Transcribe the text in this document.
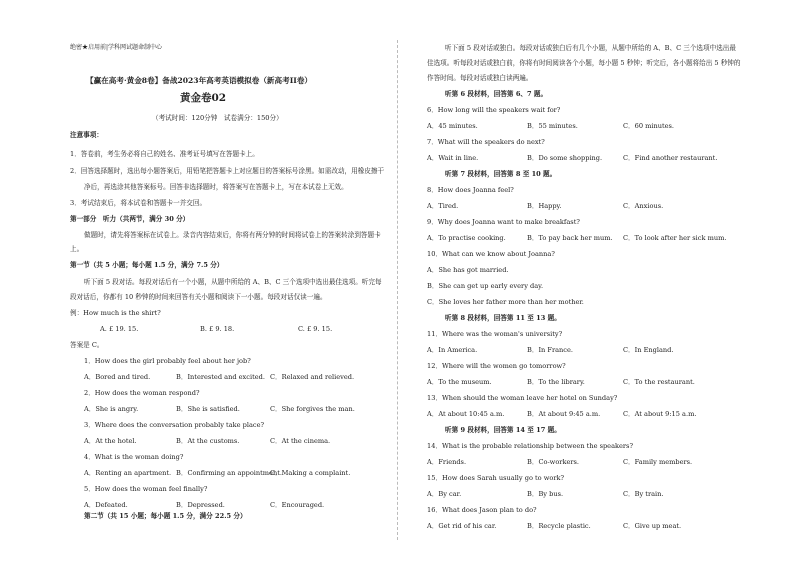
绝密★启用前|学科网试题命制中心
【赢在高考·黄金8卷】备战2023年高考英语模拟卷（新高考II卷）
黄金卷02
（考试时间：120分钟　试卷满分：150分）
注意事项：
1．答卷前，考生务必将自己的姓名、准考证号填写在答题卡上。
2．回答选择题时，选出每小题答案后，用铅笔把答题卡上对应题目的答案标号涂黑。如需改动，用橡皮擦干
净后，再选涂其他答案标号。回答非选择题时，将答案写在答题卡上，写在本试卷上无效。
3．考试结束后，将本试卷和答题卡一并交回。
第一部分　听力（共两节，满分 30 分）
做题时，请先将答案标在试卷上。录音内容结束后，你将有两分钟的时间将试卷上的答案转涂到答题卡
上。
第一节（共 5 小题；每小题 1.5 分，满分 7.5 分）
听下面 5 段对话。每段对话后有一个小题，从题中所给的 A、B、C 三个选项中选出最佳选项。听完每
段对话后，你都有 10 秒钟的时间来回答有关小题和阅读下一小题。每段对话仅读一遍。
例：How much is the shirt?
A. £ 19. 15.	B. £ 9. 18.	C. £ 9. 15.
答案是 C。
1．How does the girl probably feel about her job?
A．Bored and tired.	B．Interested and excited. C．Relaxed and relieved.
2．How does the woman respond?
A．She is angry.	B．She is satisfied.	C．She forgives the man.
3．Where does the conversation probably take place?
A．At the hotel.	B．At the customs.	C．At the cinema.
4．What is the woman doing?
A．Renting an apartment. B．Confirming an appointment.
C．Making a complaint.
5．How does the woman feel finally?
A．Defeated.	B．Depressed.	C．Encouraged.
第二节（共 15 小题；每小题 1.5 分，满分 22.5 分）
听下面 5 段对话或独白。每段对话或独白后有几个小题，从题中所给的 A、B、C 三个选项中选出最
佳选项。听每段对话或独白前，你将有时间阅读各个小题，每小题 5 秒钟；听完后，各小题将给出 5 秒钟的
作答时间。每段对话或独白读两遍。
听第 6 段材料，回答第 6、7 题。
6．How long will the speakers wait for?
A．45 minutes.	B．55 minutes.	C．60 minutes.
7．What will the speakers do next?
A．Wait in line.	B．Do some shopping.	C．Find another restaurant.
听第 7 段材料，回答第 8 至 10 题。
8．How does Joanna feel?
A．Tired.	B．Happy.	C．Anxious.
9．Why does Joanna want to make breakfast?
A．To practise cooking.	B．To pay back her mum. C．To look after her sick mum.
10．What can we know about Joanna?
A．She has got married.
B．She can get up early every day.
C．She loves her father more than her mother.
听第 8 段材料，回答第 11 至 13 题。
11．Where was the woman's university?
A．In America.	B．In France.	C．In England.
12．Where will the women go tomorrow?
A．To the museum.	B．To the library.	C．To the restaurant.
13．When should the woman leave her hotel on Sunday?
A．At about 10:45 a.m.	B．At about 9:45 a.m.	C．At about 9:15 a.m.
听第 9 段材料，回答第 14 至 17 题。
14．What is the probable relationship between the speakers?
A．Friends.	B．Co-workers.	C．Family members.
15．How does Sarah usually go to work?
A．By car.	B．By bus.	C．By train.
16．What does Jason plan to do?
A．Get rid of his car.	B．Recycle plastic.	C．Give up meat.
